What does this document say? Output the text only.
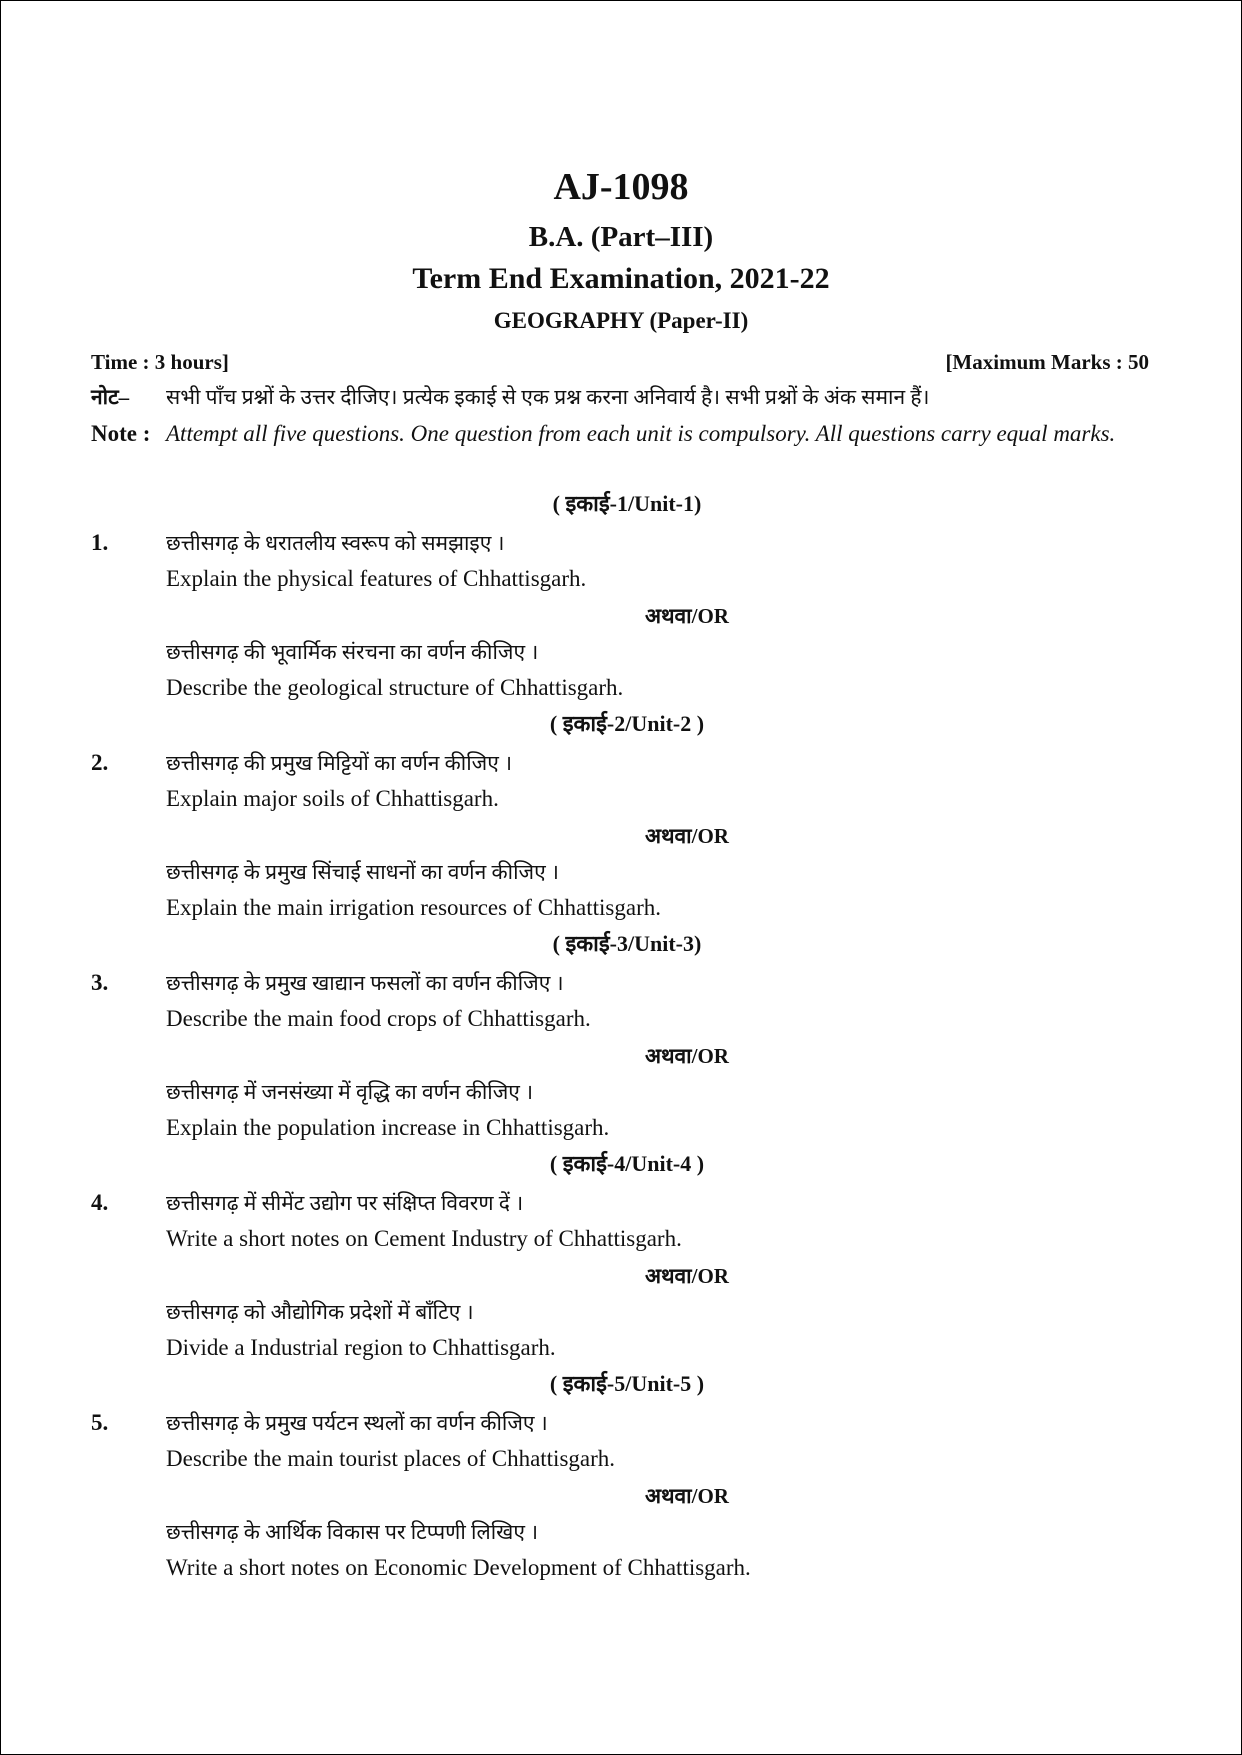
AJ-1098
B.A. (Part–III)
Term End Examination, 2021-22
GEOGRAPHY (Paper-II)
Time : 3 hours]	[Maximum Marks : 50
नोट– सभी पाँच प्रश्नों के उत्तर दीजिए। प्रत्येक इकाई से एक प्रश्न करना अनिवार्य है। सभी प्रश्नों के अंक समान हैं।
Note : Attempt all five questions. One question from each unit is compulsory. All questions carry equal marks.
( इकाई-1/Unit-1)
1.	छत्तीसगढ़ के धरातलीय स्वरूप को समझाइए ।
Explain the physical features of Chhattisgarh.
अथवा/OR
छत्तीसगढ़ की भूवार्मिक संरचना का वर्णन कीजिए ।
Describe the geological structure of Chhattisgarh.
( इकाई-2/Unit-2 )
2.	छत्तीसगढ़ की प्रमुख मिट्टियों का वर्णन कीजिए ।
Explain major soils of Chhattisgarh.
अथवा/OR
छत्तीसगढ़ के प्रमुख सिंचाई साधनों का वर्णन कीजिए ।
Explain the main irrigation resources of Chhattisgarh.
( इकाई-3/Unit-3)
3.	छत्तीसगढ़ के प्रमुख खाद्यान फसलों का वर्णन कीजिए ।
Describe the main food crops of Chhattisgarh.
अथवा/OR
छत्तीसगढ़ में जनसंख्या में वृद्धि का वर्णन कीजिए ।
Explain the population increase in Chhattisgarh.
( इकाई-4/Unit-4 )
4.	छत्तीसगढ़ में सीमेंट उद्योग पर संक्षिप्त विवरण दें ।
Write a short notes on Cement Industry of Chhattisgarh.
अथवा/OR
छत्तीसगढ़ को औद्योगिक प्रदेशों में बाँटिए ।
Divide a Industrial region to Chhattisgarh.
( इकाई-5/Unit-5 )
5.	छत्तीसगढ़ के प्रमुख पर्यटन स्थलों का वर्णन कीजिए ।
Describe the main tourist places of Chhattisgarh.
अथवा/OR
छत्तीसगढ़ के आर्थिक विकास पर टिप्पणी लिखिए ।
Write a short notes on Economic Development of Chhattisgarh.
